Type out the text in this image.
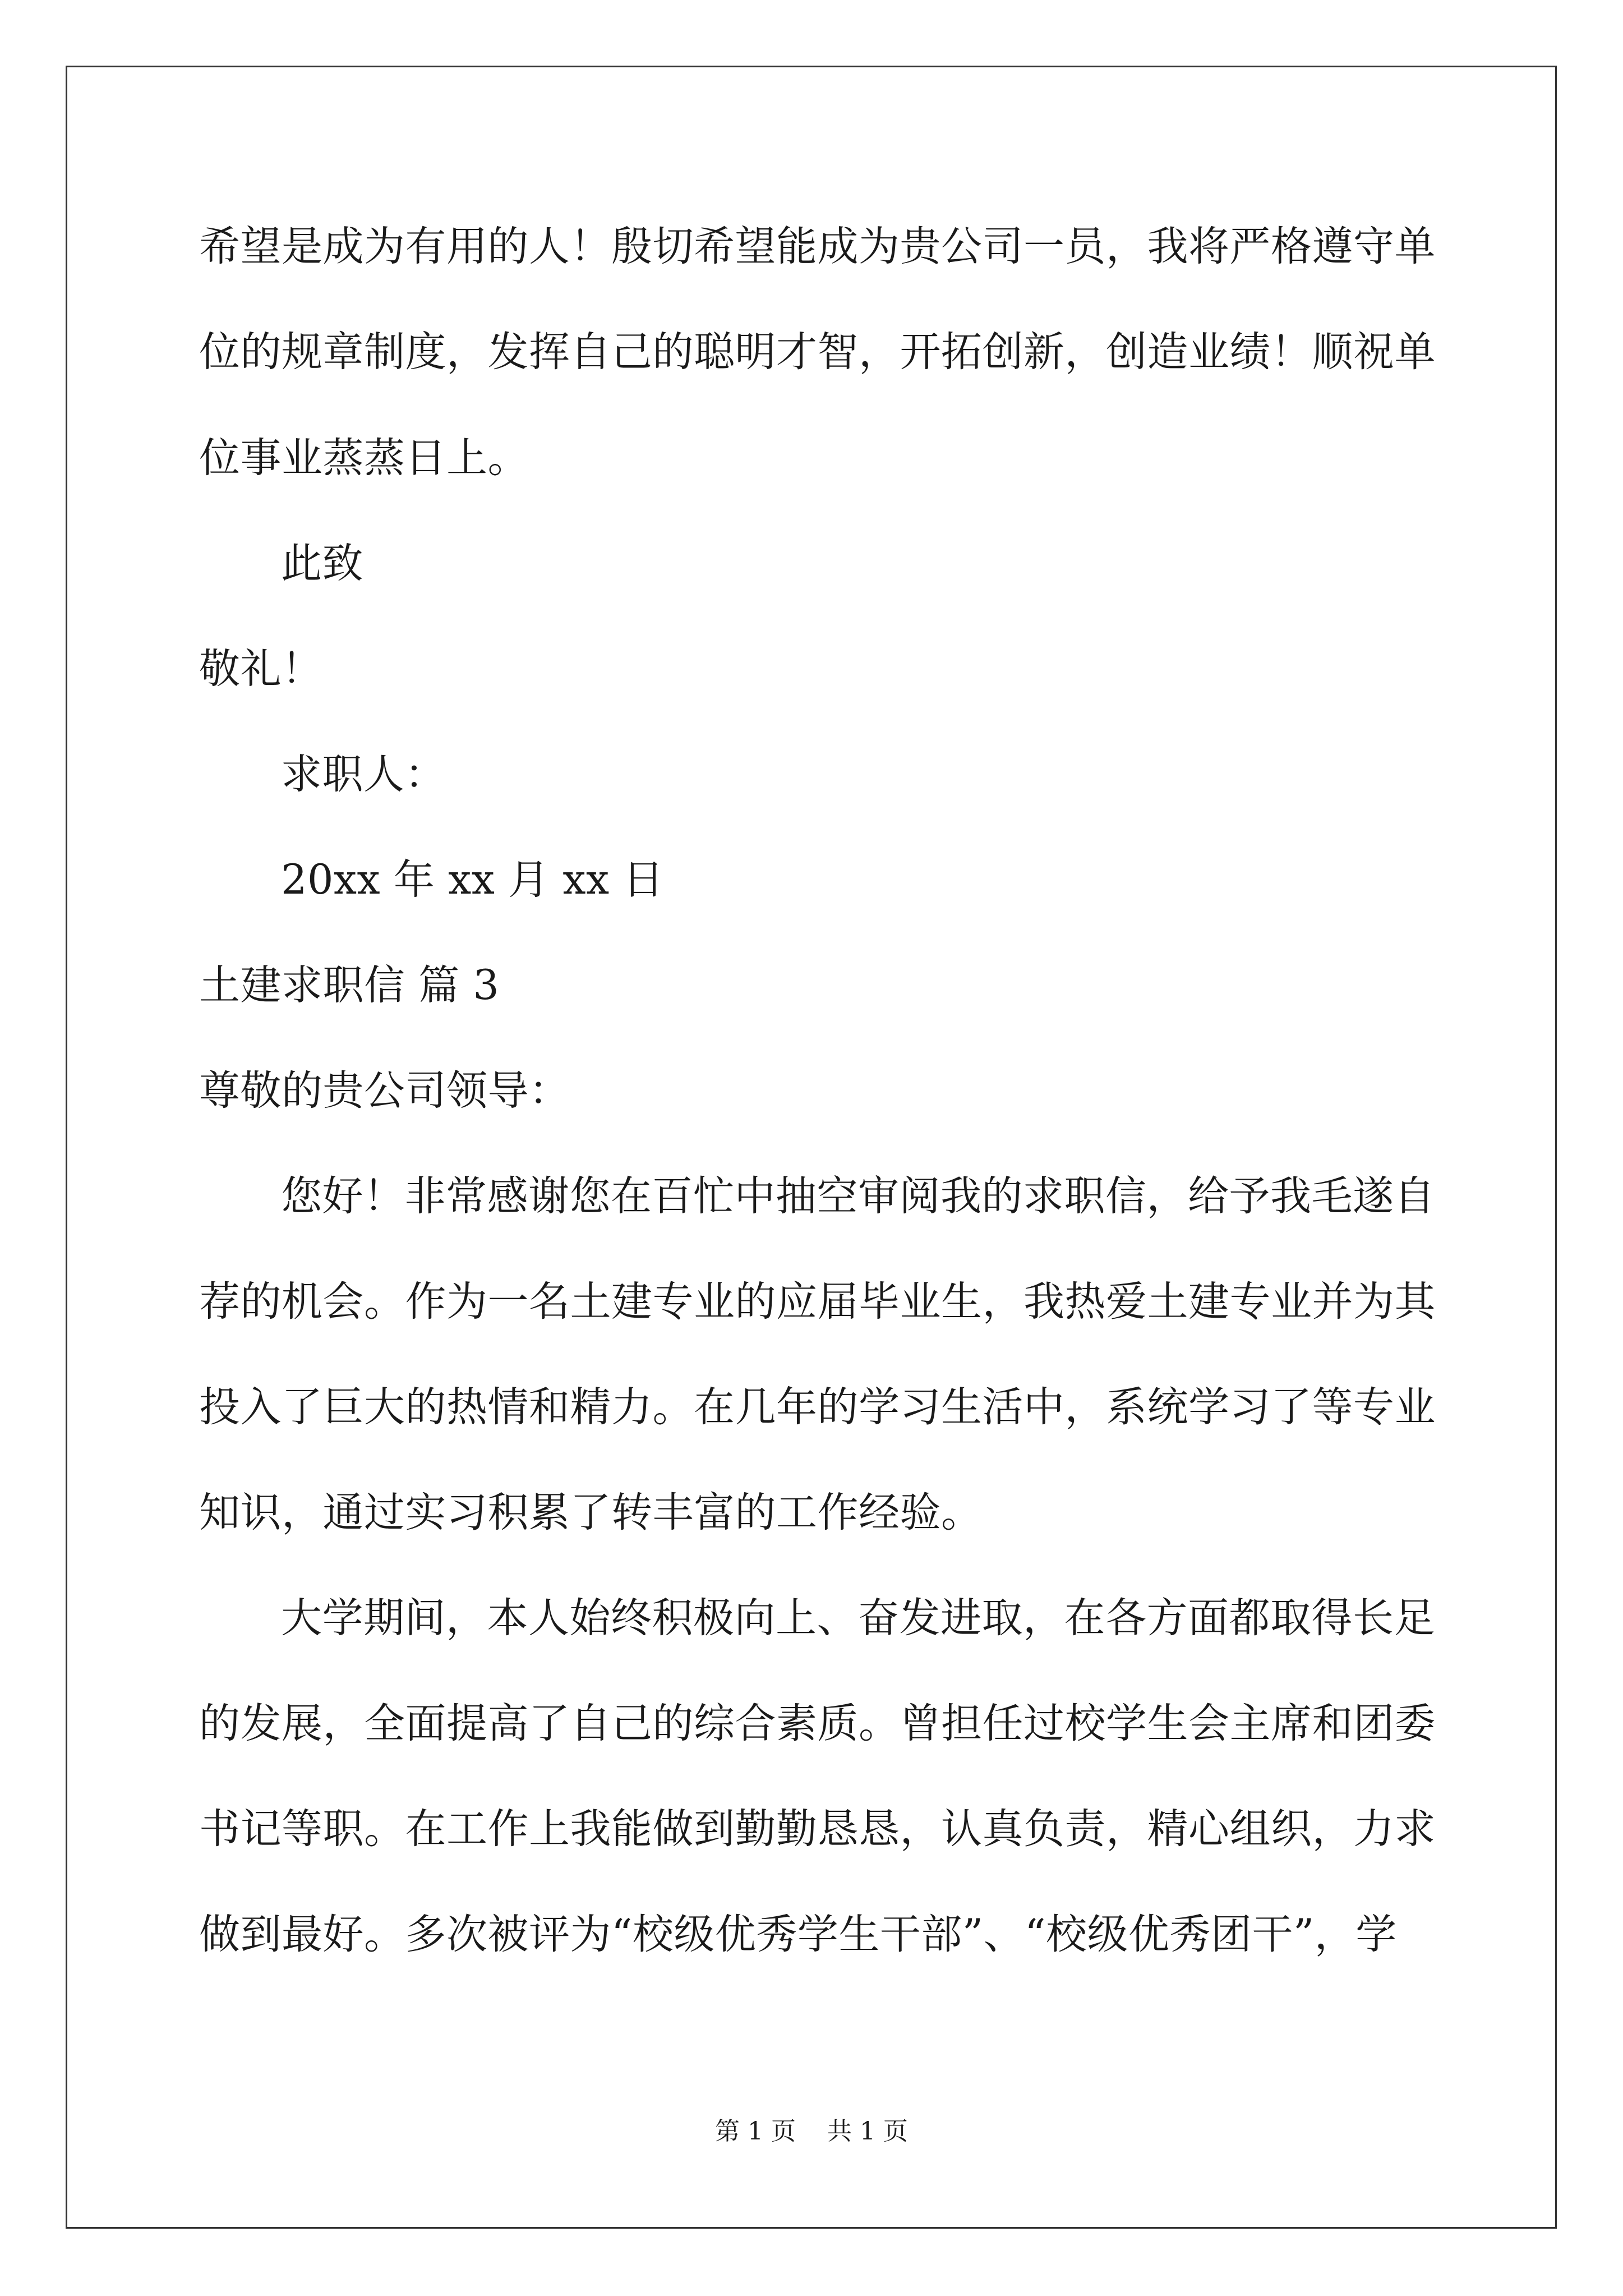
希望是成为有用的人！殷切希望能成为贵公司一员，我将严格遵守单
位的规章制度，发挥自己的聪明才智，开拓创新，创造业绩！顺祝单
位事业蒸蒸日上。
此致
敬礼！
求职人：
20xx 年 xx 月 xx 日
土建求职信 篇 3
尊敬的贵公司领导：
您好！非常感谢您在百忙中抽空审阅我的求职信，给予我毛遂自
荐的机会。作为一名土建专业的应届毕业生，我热爱土建专业并为其
投入了巨大的热情和精力。在几年的学习生活中，系统学习了等专业
知识，通过实习积累了转丰富的工作经验。
大学期间，本人始终积极向上、奋发进取，在各方面都取得长足
的发展，全面提高了自己的综合素质。曾担任过校学生会主席和团委
书记等职。在工作上我能做到勤勤恳恳，认真负责，精心组织，力求
做到最好。多次被评为“校级优秀学生干部”、“校级优秀团干”，学
第 1 页    共 1 页
